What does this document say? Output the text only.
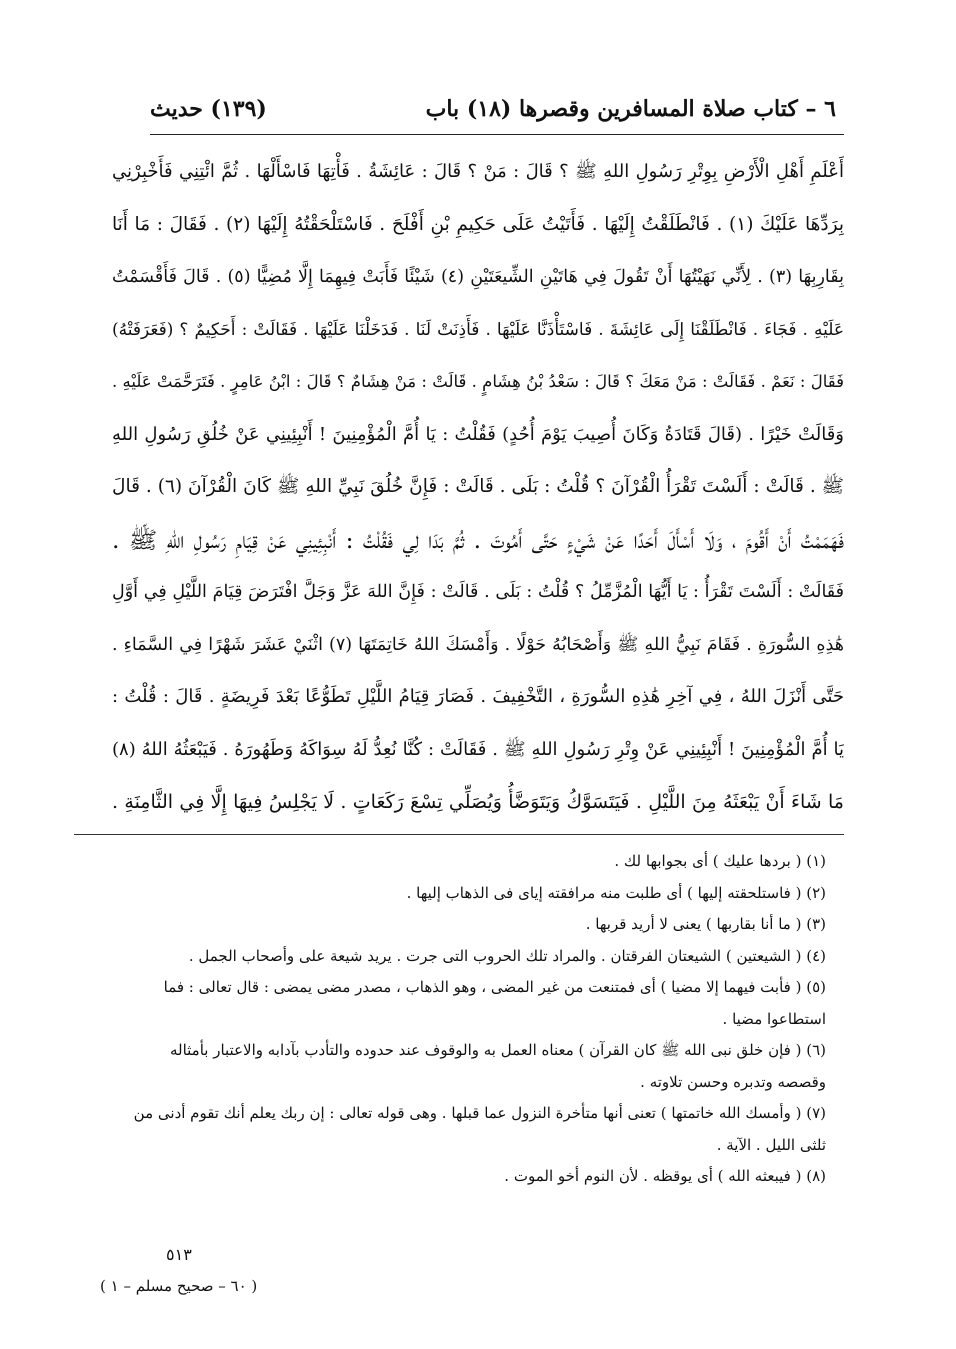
٦ – كتاب صلاة المسافرين وقصرها (١٨) باب
(١٣٩) حديث
أَعْلَمِ أَهْلِ الْأَرْضِ بِوِتْرِ رَسُولِ اللهِ ﷺ ؟ قَالَ : مَنْ ؟ قَالَ : عَائِشَةُ . فَأْتِهَا فَاسْأَلْهَا . ثُمَّ ائْتِنِي فَأَخْبِرْنِي
بِرَدِّهَا عَلَيْكَ (١) . فَانْطَلَقْتُ إِلَيْهَا . فَأَتَيْتُ عَلَى حَكِيمِ بْنِ أَفْلَحَ . فَاسْتَلْحَقْتُهُ إِلَيْهَا (٢) . فَقَالَ : مَا أَنَا
بِقَارِبِهَا (٣) . لِأَنِّي نَهَيْتُهَا أَنْ تَقُولَ فِي هَاتَيْنِ الشِّيعَتَيْنِ (٤) شَيْئًا فَأَبَتْ فِيهِمَا إِلَّا مُضِيًّا (٥) . قَالَ فَأَقْسَمْتُ
عَلَيْهِ . فَجَاءَ . فَانْطَلَقْنَا إِلَى عَائِشَةَ . فَاسْتَأْذَنَّا عَلَيْهَا . فَأَذِنَتْ لَنَا . فَدَخَلْنَا عَلَيْهَا . فَقَالَتْ : أَحَكِيمٌ ؟ (فَعَرَفَتْهُ)
فَقَالَ : نَعَمْ . فَقَالَتْ : مَنْ مَعَكَ ؟ قَالَ : سَعْدُ بْنُ هِشَامٍ . قَالَتْ : مَنْ هِشَامٌ ؟ قَالَ : ابْنُ عَامِرٍ . فَتَرَحَّمَتْ عَلَيْهِ .
وَقَالَتْ خَيْرًا . (قَالَ قَتَادَةُ وَكَانَ أُصِيبَ يَوْمَ أُحُدٍ) فَقُلْتُ : يَا أُمَّ الْمُؤْمِنِينَ ! أَنْبِئِينِي عَنْ خُلُقِ رَسُولِ اللهِ
ﷺ . قَالَتْ : أَلَسْتَ تَقْرَأُ الْقُرْآنَ ؟ قُلْتُ : بَلَى . قَالَتْ : فَإِنَّ خُلُقَ نَبِيِّ اللهِ ﷺ كَانَ الْقُرْآنَ (٦) . قَالَ
فَهَمَمْتُ أَنْ أَقُومَ ، وَلَا أَسْأَلَ أَحَدًا عَنْ شَيْءٍ حَتَّى أَمُوتَ . ثُمَّ بَدَا لِي فَقُلْتُ : أَنْبِئِينِي عَنْ قِيَامِ رَسُولِ اللهِ ﷺ .
فَقَالَتْ : أَلَسْتَ تَقْرَأُ : يَا أَيُّهَا الْمُزَّمِّلُ ؟ قُلْتُ : بَلَى . قَالَتْ : فَإِنَّ اللهَ عَزَّ وَجَلَّ افْتَرَضَ قِيَامَ اللَّيْلِ فِي أَوَّلِ
هَٰذِهِ السُّورَةِ . فَقَامَ نَبِيُّ اللهِ ﷺ وَأَصْحَابُهُ حَوْلًا . وَأَمْسَكَ اللهُ خَاتِمَتَهَا (٧) اثْنَيْ عَشَرَ شَهْرًا فِي السَّمَاءِ .
حَتَّى أَنْزَلَ اللهُ ، فِي آخِرِ هَٰذِهِ السُّورَةِ ، التَّخْفِيفَ . فَصَارَ قِيَامُ اللَّيْلِ تَطَوُّعًا بَعْدَ فَرِيضَةٍ . قَالَ : قُلْتُ :
يَا أُمَّ الْمُؤْمِنِينَ ! أَنْبِئِينِي عَنْ وِتْرِ رَسُولِ اللهِ ﷺ . فَقَالَتْ : كُنَّا نُعِدُّ لَهُ سِوَاكَهُ وَطَهُورَهُ . فَيَبْعَثُهُ اللهُ (٨)
مَا شَاءَ أَنْ يَبْعَثَهُ مِنَ اللَّيْلِ . فَيَتَسَوَّكُ وَيَتَوَضَّأُ وَيُصَلِّي تِسْعَ رَكَعَاتٍ . لَا يَجْلِسُ فِيهَا إِلَّا فِي الثَّامِنَةِ .
(١) ( بردها عليك ) أى بجوابها لك .
(٢) ( فاستلحقته إليها ) أى طلبت منه مرافقته إياى فى الذهاب إليها .
(٣) ( ما أنا بقاربها ) يعنى لا أريد قربها .
(٤) ( الشيعتين ) الشيعتان الفرقتان . والمراد تلك الحروب التى جرت . يريد شيعة على وأصحاب الجمل .
(٥) ( فأبت فيهما إلا مضيا ) أى فمتنعت من غير المضى ، وهو الذهاب ، مصدر مضى يمضى : قال تعالى : فما
استطاعوا مضيا .
(٦) ( فإن خلق نبى الله ﷺ كان القرآن ) معناه العمل به والوقوف عند حدوده والتأدب بآدابه والاعتبار بأمثاله
وقصصه وتدبره وحسن تلاوته .
(٧) ( وأمسك الله خاتمتها ) تعنى أنها متأخرة النزول عما قبلها . وهى قوله تعالى : إن ربك يعلم أنك تقوم أدنى من
ثلثى الليل . الآية .
(٨) ( فيبعثه الله ) أى يوقظه . لأن النوم أخو الموت .
٥١٣
( ٦٠ – صحيح مسلم – ١ )
